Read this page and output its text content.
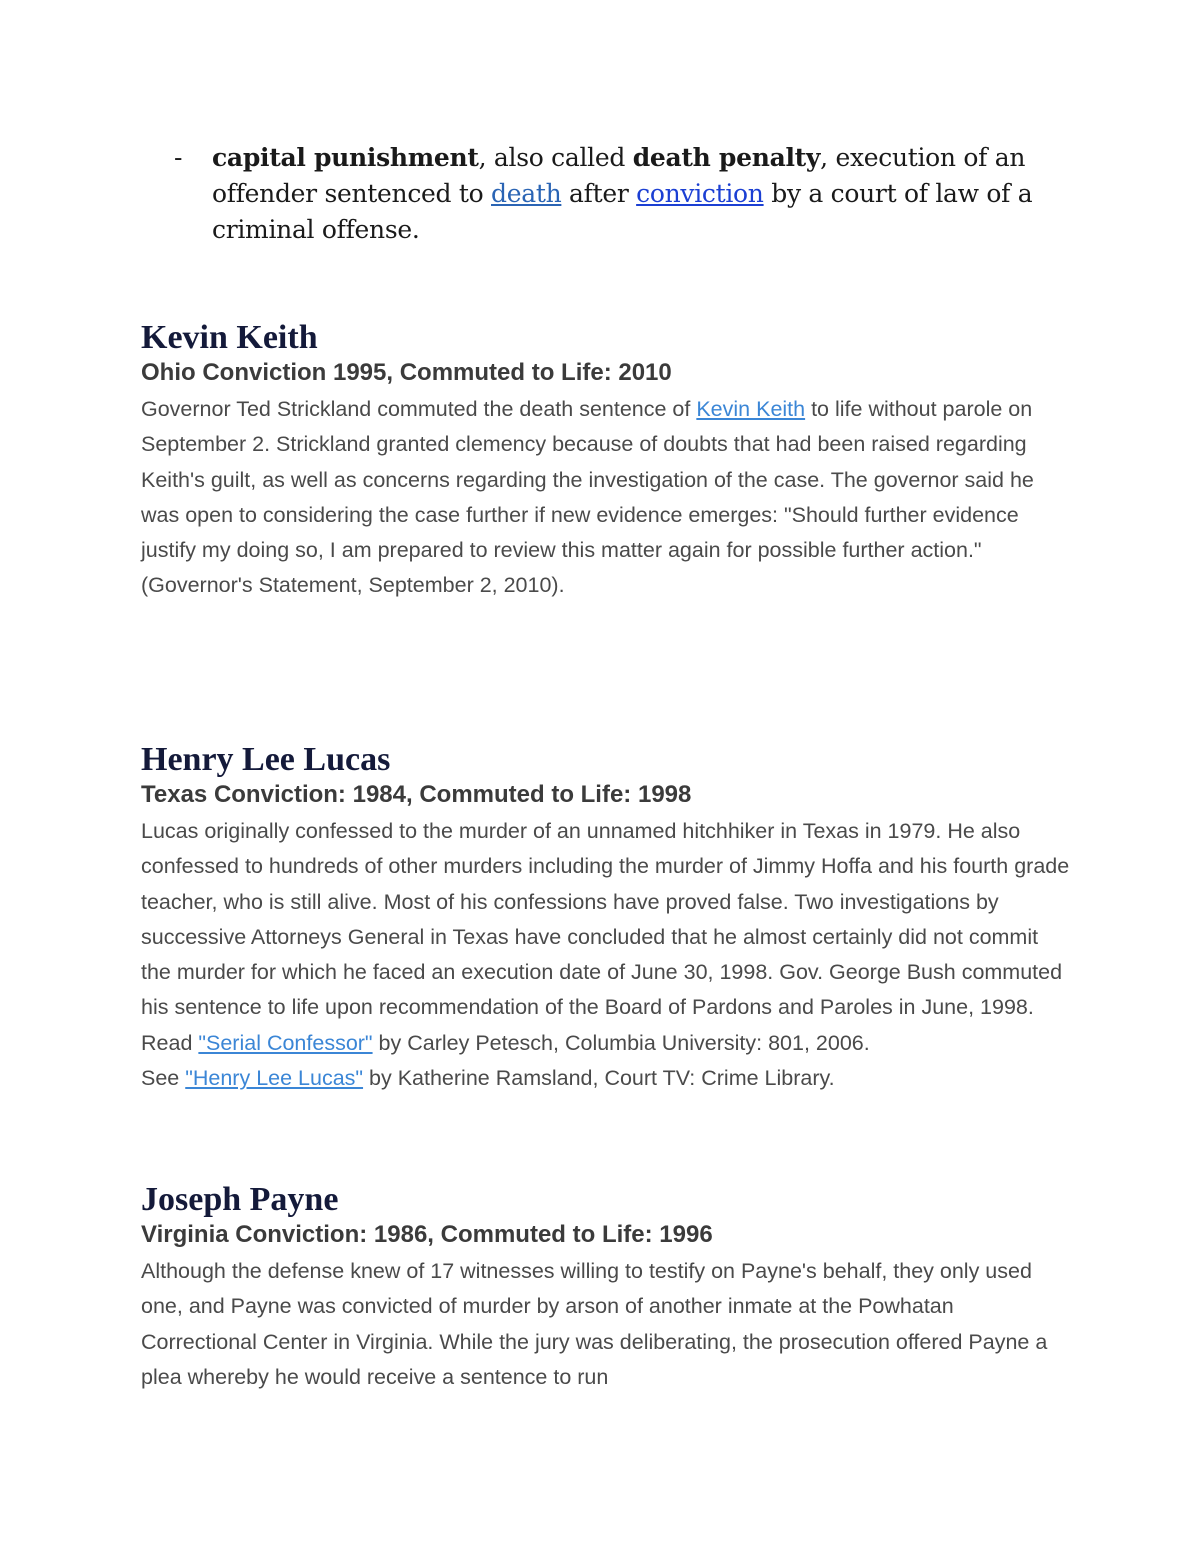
- capital punishment, also called death penalty, execution of an offender sentenced to death after conviction by a court of law of a criminal offense.
Kevin Keith
Ohio Conviction 1995, Commuted to Life: 2010

Governor Ted Strickland commuted the death sentence of Kevin Keith to life without parole on September 2. Strickland granted clemency because of doubts that had been raised regarding Keith's guilt, as well as concerns regarding the investigation of the case. The governor said he was open to considering the case further if new evidence emerges: "Should further evidence justify my doing so, I am prepared to review this matter again for possible further action."

(Governor's Statement, September 2, 2010).

Henry Lee Lucas
Texas Conviction: 1984, Commuted to Life: 1998

Lucas originally confessed to the murder of an unnamed hitchhiker in Texas in 1979. He also confessed to hundreds of other murders including the murder of Jimmy Hoffa and his fourth grade teacher, who is still alive. Most of his confessions have proved false. Two investigations by successive Attorneys General in Texas have concluded that he almost certainly did not commit the murder for which he faced an execution date of June 30, 1998. Gov. George Bush commuted his sentence to life upon recommendation of the Board of Pardons and Paroles in June, 1998.

Read "Serial Confessor" by Carley Petesch, Columbia University: 801, 2006.

See "Henry Lee Lucas" by Katherine Ramsland, Court TV: Crime Library.

Joseph Payne
Virginia Conviction: 1986, Commuted to Life: 1996

Although the defense knew of 17 witnesses willing to testify on Payne's behalf, they only used one, and Payne was convicted of murder by arson of another inmate at the Powhatan Correctional Center in Virginia. While the jury was deliberating, the prosecution offered Payne a plea whereby he would receive a sentence to run
